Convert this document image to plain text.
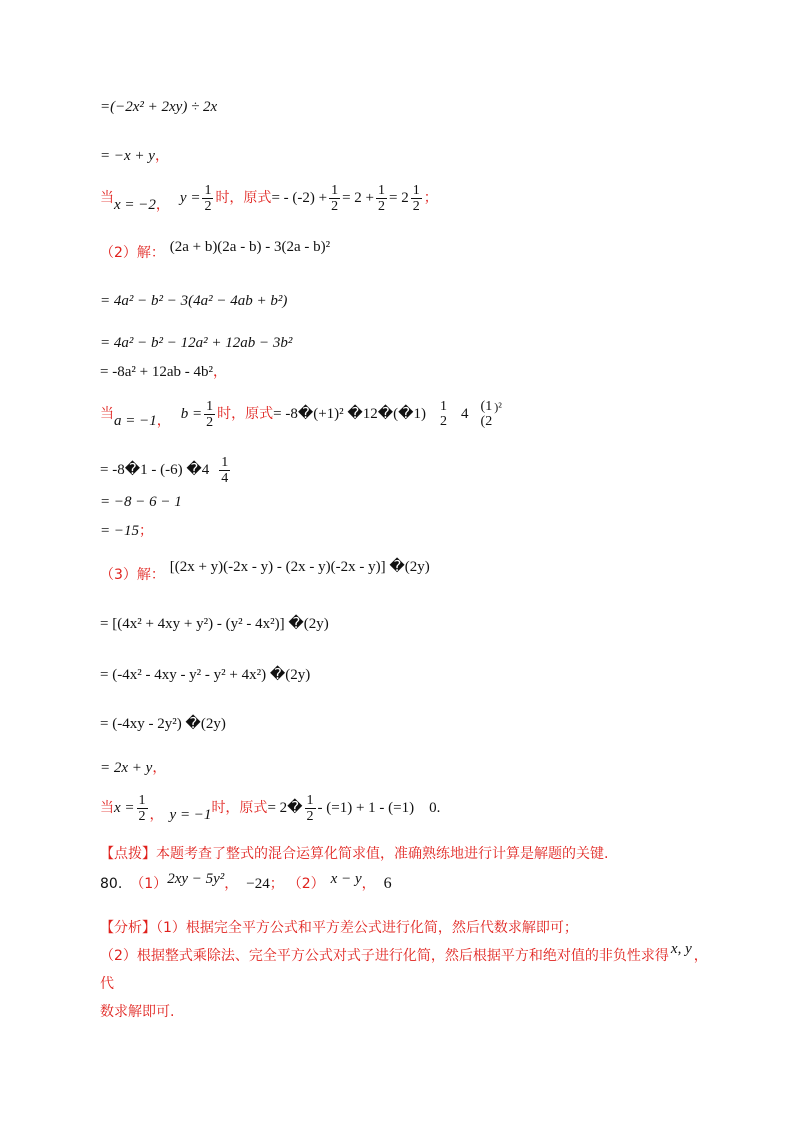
=(−2x² + 2xy) ÷ 2x
= −x + y，
当 x = −2 ， $y = \frac{1}{2}$ 时，原式 = - $(-2) + \frac{1}{2} = 2 + \frac{1}{2} = 2 \frac{1}{2}$ ；
（2）解： (2a + b)(2a - b) - 3(2a - b)²
= 4a² − b² − 3(4a² − 4ab + b²)
= 4a² − b² − 12a² + 12ab − 3b²
= -8a² + 12ab - 4b²，
当 a = −1 ， $b = \frac{1}{2}$ 时，原式 = -8�(+1)² �12�(�1) 1
2 4 (1
(2
)²
= -8�1 - (-6) �4 $\frac{1}{4}$
= −8 − 6 − 1
= −15；
（3）解： [(2x + y)(-2x - y) - (2x - y)(-2x - y)] �(2y)
= [(4x² + 4xy + y²) - (y² - 4x²)] �(2y)
= (-4x² - 4xy - y² - y² + 4x²) �(2y)
= (-4xy - 2y²) �(2y)
= 2x + y，
当 $x = \frac{1}{2}$ ， y = −1 时，原式 = 2� $\frac{1}{2} - (=1) + 1 - (=1)$    0 .
【点拨】本题考查了整式的混合运算化简求值，准确熟练地进行计算是解题的关键.
80. （1） 2xy − 5y² ， −24 ； （2） x − y ， 6
【分析】（1）根据完全平方公式和平方差公式进行化简，然后代数求解即可；
（2）根据整式乘除法、完全平方公式对式子进行化简，然后根据平方和绝对值的非负性求得 x, y ，代
数求解即可.
